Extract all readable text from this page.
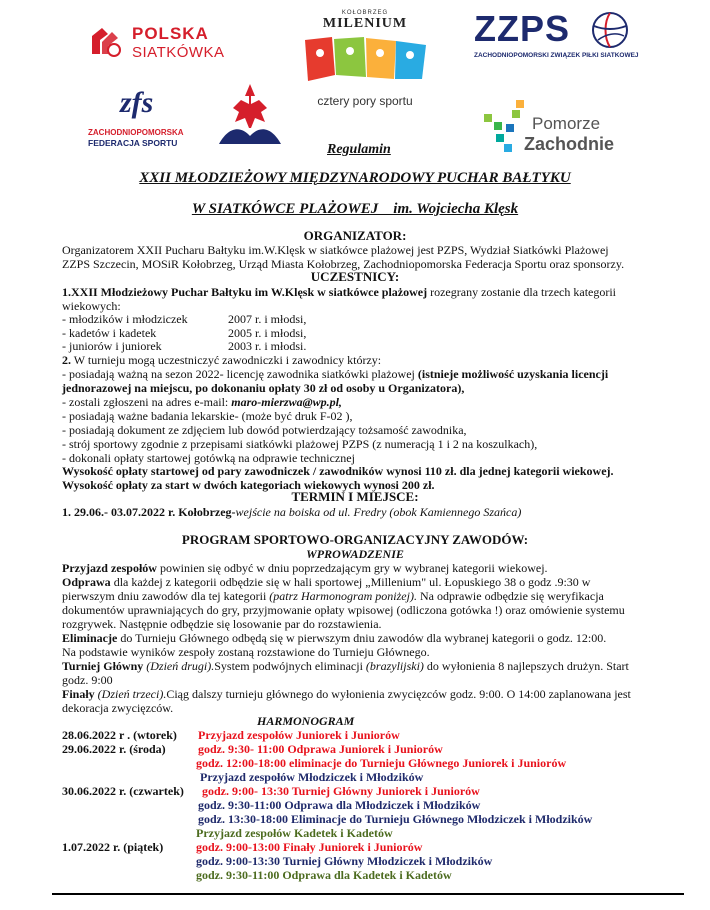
POLSKA
SIATKÓWKA
KOŁOBRZEG
MILENIUM
cztery pory sportu
ZZPS
ZACHODNIOPOMORSKI ZWIĄZEK PIŁKI SIATKOWEJ
zfs
ZACHODNIOPOMORSKA
FEDERACJA SPORTU
Pomorze
Zachodnie
Regulamin
XXII MŁODZIEŻOWY MIĘDZYNARODOWY PUCHAR BAŁTYKU
W SIATKÓWCE PLAŻOWEJ    im. Wojciecha Klęsk
ORGANIZATOR:
Organizatorem XXII Pucharu Bałtyku im.W.Klęsk w siatkówce plażowej jest PZPS, Wydział Siatkówki Plażowej
ZZPS Szczecin, MOSiR Kołobrzeg, Urząd Miasta Kołobrzeg, Zachodniopomorska Federacja Sportu oraz sponsorzy.
UCZESTNICY:
1.XXII Młodzieżowy Puchar Bałtyku im W.Klęsk w siatkówce plażowej rozegrany zostanie dla trzech kategorii
wiekowych:
- młodzików i młodziczek	2007 r. i młodsi,
- kadetów i kadetek	2005 r. i młodsi,
- juniorów i juniorek	2003 r. i młodsi.
2. W turnieju mogą uczestniczyć zawodniczki i zawodnicy którzy:
- posiadają ważną na sezon 2022- licencję zawodnika siatkówki plażowej (istnieje możliwość uzyskania licencji
jednorazowej na miejscu, po dokonaniu opłaty 30 zł od osoby u Organizatora),
- zostali zgłoszeni na adres e-mail: maro-mierzwa@wp.pl,
- posiadają ważne badania lekarskie- (może być druk F-02 ),
- posiadają dokument ze zdjęciem lub dowód potwierdzający tożsamość zawodnika,
- strój sportowy zgodnie z przepisami siatkówki plażowej PZPS (z numeracją 1 i 2 na koszulkach),
- dokonali opłaty startowej gotówką na odprawie technicznej
Wysokość opłaty startowej od pary zawodniczek / zawodników wynosi 110 zł. dla jednej kategorii wiekowej.
Wysokość opłaty za start w dwóch kategoriach wiekowych wynosi 200 zł.
TERMIN I MIEJSCE:
1. 29.06.- 03.07.2022 r. Kołobrzeg-wejście na boiska od ul. Fredry (obok Kamiennego Szańca)
PROGRAM SPORTOWO-ORGANIZACYJNY ZAWODÓW:
WPROWADZENIE
Przyjazd zespołów powinien się odbyć w dniu poprzedzającym gry w wybranej kategorii wiekowej.
Odprawa dla każdej z kategorii odbędzie się w hali sportowej „Millenium" ul. Łopuskiego 38 o godz .9:30 w
pierwszym dniu zawodów dla tej kategorii (patrz Harmonogram poniżej). Na odprawie odbędzie się weryfikacja
dokumentów uprawniających do gry, przyjmowanie opłaty wpisowej (odliczona gotówka !) oraz omówienie systemu
rozgrywek. Następnie odbędzie się losowanie par do rozstawienia.
Eliminacje do Turnieju Głównego odbędą się w pierwszym dniu zawodów dla wybranej kategorii o godz. 12:00.
Na podstawie wyników zespoły zostaną rozstawione do Turnieju Głównego.
Turniej Główny (Dzień drugi).System podwójnych eliminacji (brazylijski) do wyłonienia 8 najlepszych drużyn. Start
godz. 9:00
Finały (Dzień trzeci).Ciąg dalszy turnieju głównego do wyłonienia zwycięzców godz. 9:00. O 14:00 zaplanowana jest
dekoracja zwycięzców.
HARMONOGRAM
28.06.2022 r . (wtorek) Przyjazd zespołów Juniorek i Juniorów
29.06.2022 r. (środa)	godz. 9:30- 11:00 Odprawa Juniorek i Juniorów
godz. 12:00-18:00 eliminacje do Turnieju Głównego Juniorek i Juniorów
Przyjazd zespołów Młodziczek i Młodzików
30.06.2022 r. (czwartek) godz. 9:00- 13:30 Turniej Główny Juniorek i Juniorów
godz. 9:30-11:00 Odprawa dla Młodziczek i Młodzików
godz. 13:30-18:00 Eliminacje do Turnieju Głównego Młodziczek i Młodzików
Przyjazd zespołów Kadetek i Kadetów
1.07.2022 r. (piątek)	godz. 9:00-13:00 Finały Juniorek i Juniorów
godz. 9:00-13:30 Turniej Główny Młodziczek i Młodzików
godz. 9:30-11:00 Odprawa dla Kadetek i Kadetów
